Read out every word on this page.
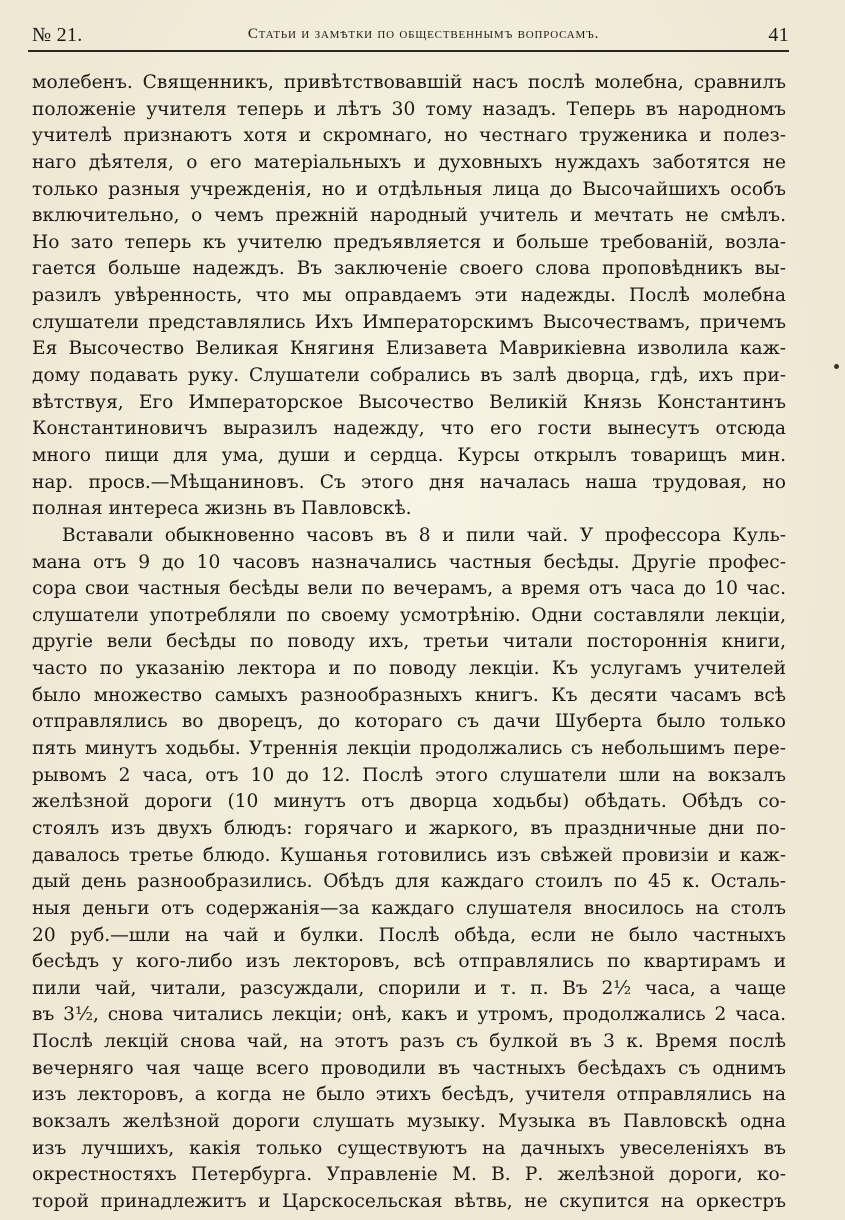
№ 21.	Статьи и замѣтки по общественнымъ вопросамъ.	41
молебенъ. Священникъ, привѣтствовавшій насъ послѣ молебна, сравнилъ
положеніе учителя теперь и лѣтъ 30 тому назадъ. Теперь въ народномъ
учителѣ признаютъ хотя и скромнаго, но честнаго труженика и полез-
наго дѣятеля, о его матеріальныхъ и духовныхъ нуждахъ заботятся не
только разныя учрежденія, но и отдѣльныя лица до Высочайшихъ особъ
включительно, о чемъ прежній народный учитель и мечтать не смѣлъ.
Но зато теперь къ учителю предъявляется и больше требованій, возла-
гается больше надеждъ. Въ заключеніе своего слова проповѣдникъ вы-
разилъ увѣренность, что мы оправдаемъ эти надежды. Послѣ молебна
слушатели представлялись Ихъ Императорскимъ Высочествамъ, причемъ
Ея Высочество Великая Княгиня Елизавета Маврикіевна изволила каж-
дому подавать руку. Слушатели собрались въ залѣ дворца, гдѣ, ихъ при-
вѣтствуя, Его Императорское Высочество Великій Князь Константинъ
Константиновичъ выразилъ надежду, что его гости вынесутъ отсюда
много пищи для ума, души и сердца. Курсы открылъ товарищъ мин.
нар. просв.—Мѣщаниновъ. Съ этого дня началась наша трудовая, но
полная интереса жизнь въ Павловскѣ.
Вставали обыкновенно часовъ въ 8 и пили чай. У профессора Куль-
мана отъ 9 до 10 часовъ назначались частныя бесѣды. Другіе профес-
сора свои частныя бесѣды вели по вечерамъ, а время отъ часа до 10 час.
слушатели употребляли по своему усмотрѣнію. Одни составляли лекціи,
другіе вели бесѣды по поводу ихъ, третьи читали постороннія книги,
часто по указанію лектора и по поводу лекціи. Къ услугамъ учителей
было множество самыхъ разнообразныхъ книгъ. Къ десяти часамъ всѣ
отправлялись во дворецъ, до котораго съ дачи Шуберта было только
пять минутъ ходьбы. Утреннія лекціи продолжались съ небольшимъ пере-
рывомъ 2 часа, отъ 10 до 12. Послѣ этого слушатели шли на вокзалъ
желѣзной дороги (10 минутъ отъ дворца ходьбы) обѣдать. Обѣдъ со-
стоялъ изъ двухъ блюдъ: горячаго и жаркого, въ праздничные дни по-
давалось третье блюдо. Кушанья готовились изъ свѣжей провизіи и каж-
дый день разнообразились. Обѣдъ для каждаго стоилъ по 45 к. Осталь-
ныя деньги отъ содержанія—за каждаго слушателя вносилось на столъ
20 руб.—шли на чай и булки. Послѣ обѣда, если не было частныхъ
бесѣдъ у кого-либо изъ лекторовъ, всѣ отправлялись по квартирамъ и
пили чай, читали, разсуждали, спорили и т. п. Въ 2½ часа, а чаще
въ 3½, снова читались лекціи; онѣ, какъ и утромъ, продолжались 2 часа.
Послѣ лекцій снова чай, на этотъ разъ съ булкой въ 3 к. Время послѣ
вечерняго чая чаще всего проводили въ частныхъ бесѣдахъ съ однимъ
изъ лекторовъ, а когда не было этихъ бесѣдъ, учителя отправлялись на
вокзалъ желѣзной дороги слушать музыку. Музыка въ Павловскѣ одна
изъ лучшихъ, какія только существуютъ на дачныхъ увеселеніяхъ въ
окрестностяхъ Петербурга. Управленіе М. В. Р. желѣзной дороги, ко-
торой принадлежитъ и Царскосельская вѣтвь, не скупится на оркестръ
